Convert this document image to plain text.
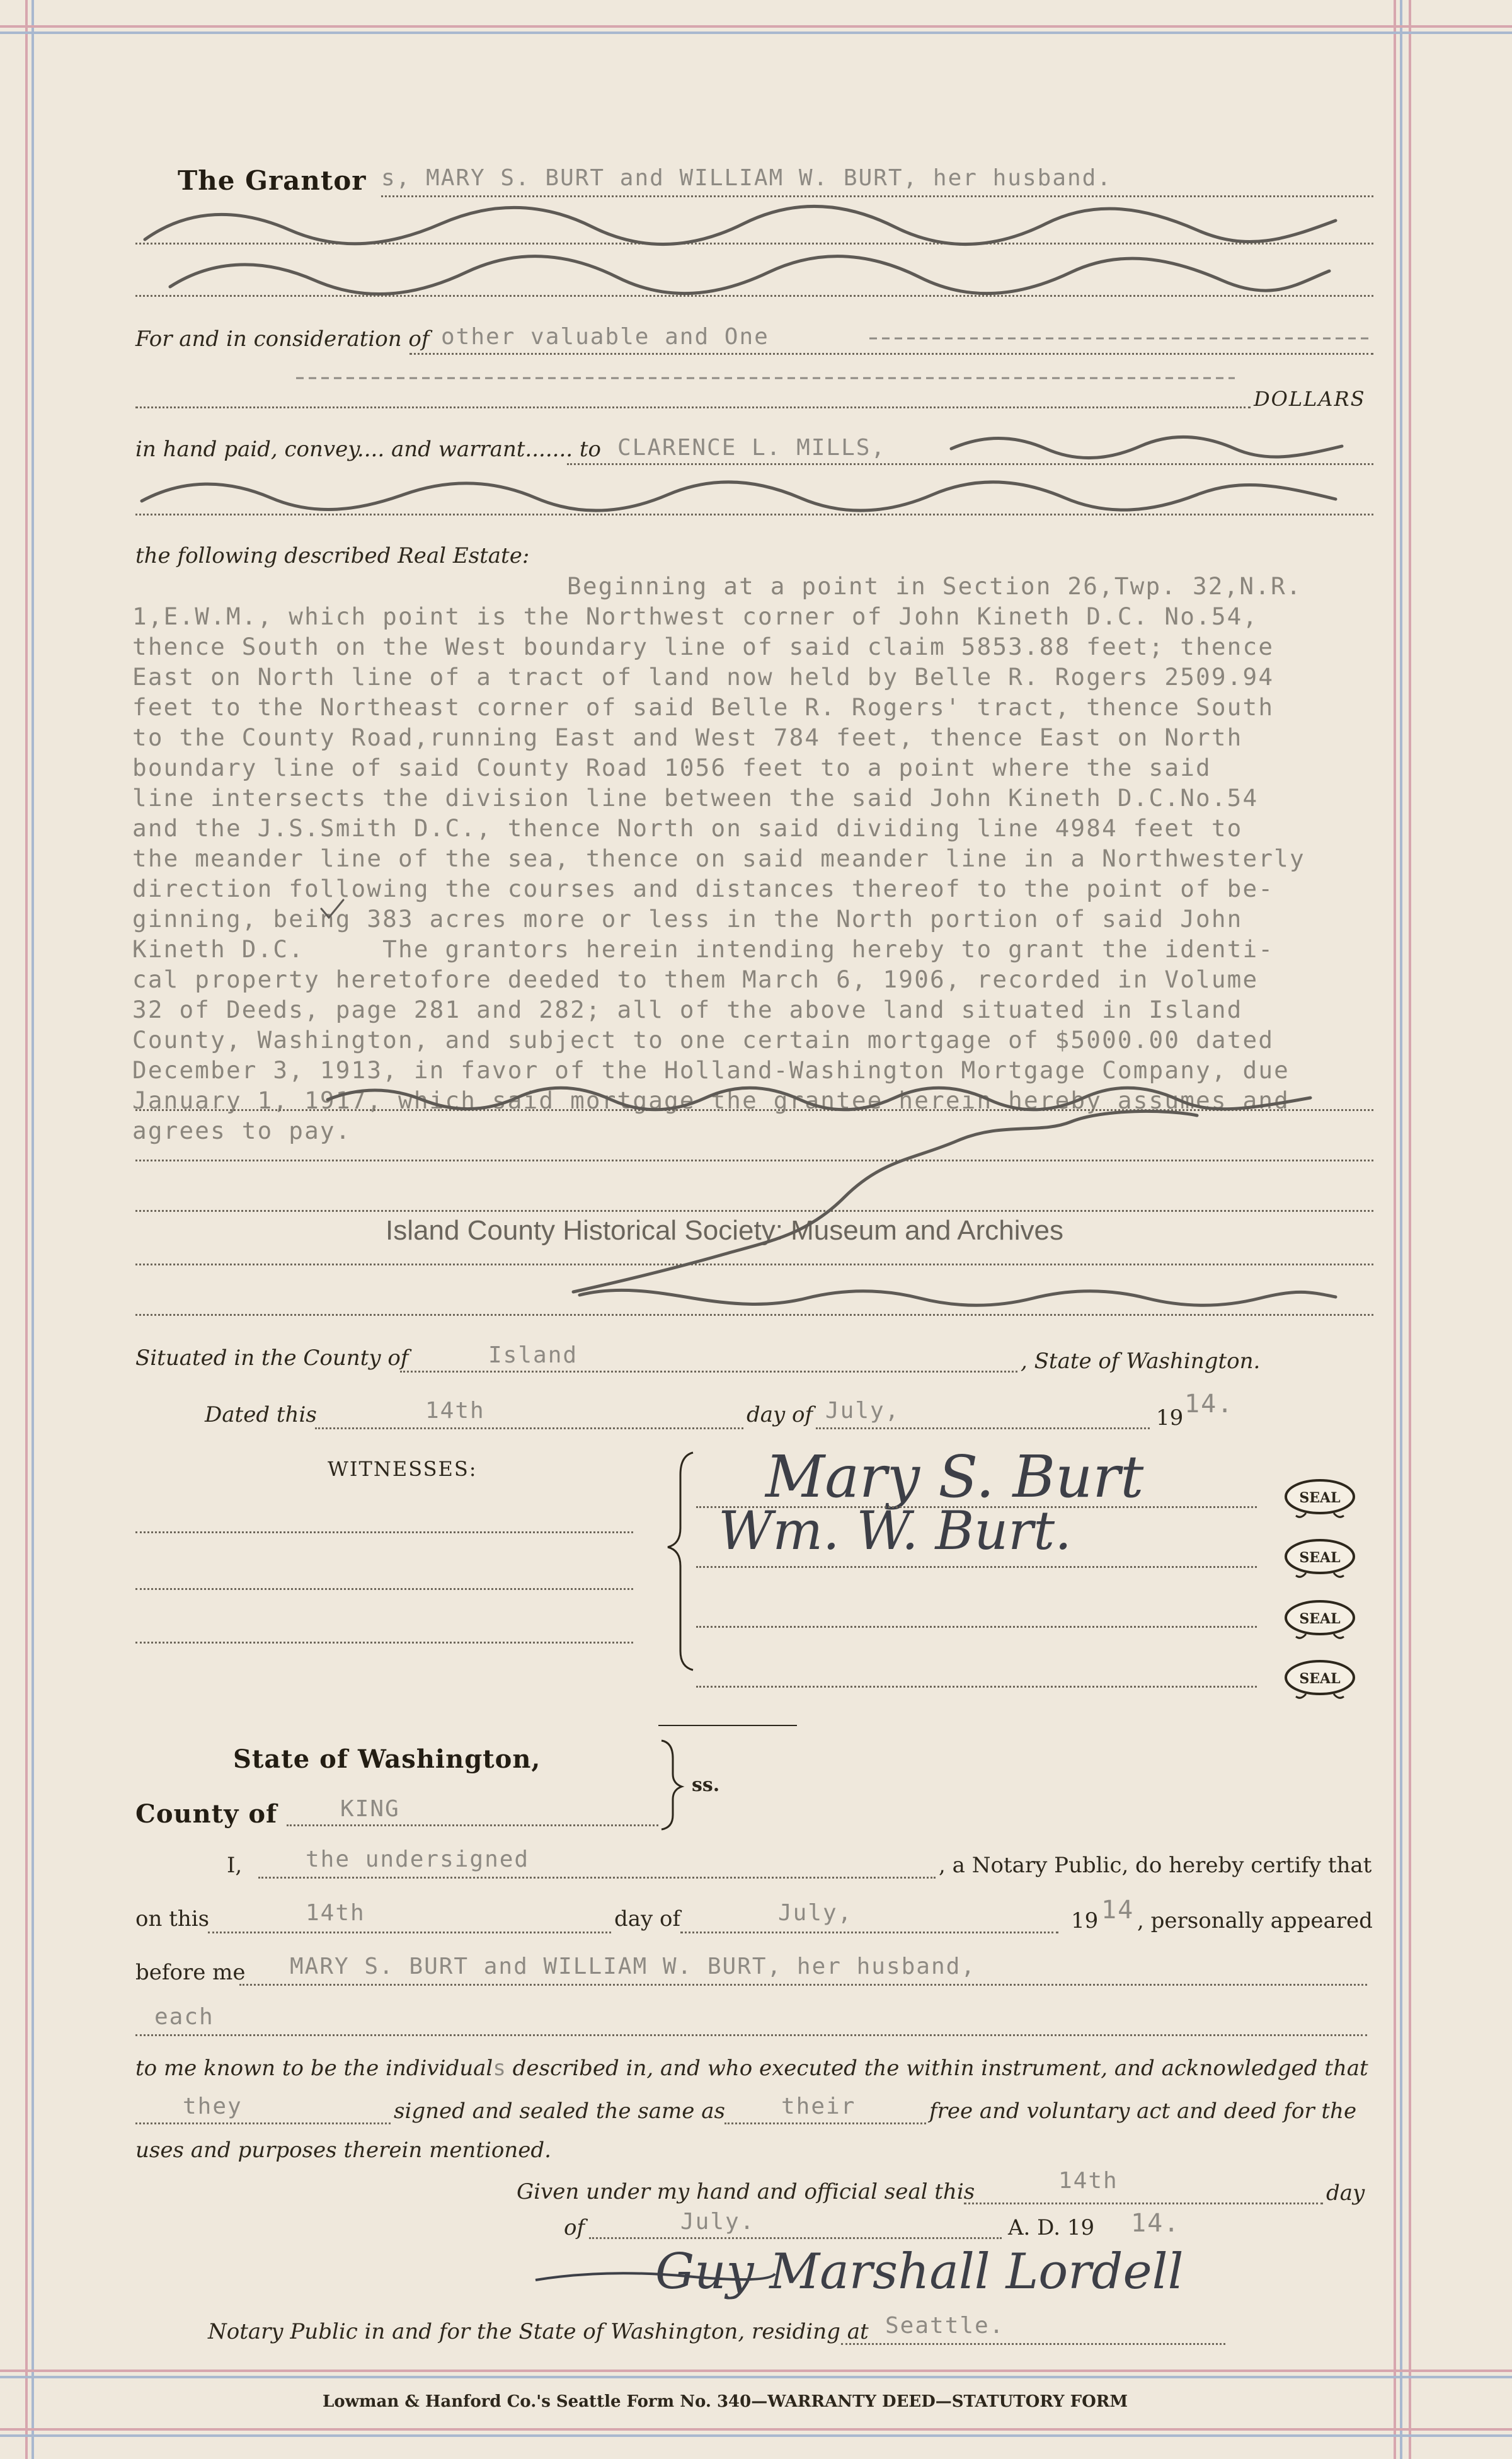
The Grantor s, MARY S. BURT and WILLIAM W. BURT, her husband.
For and in consideration of other valuable and One
DOLLARS
in hand paid, convey.... and warrant....... to CLARENCE L. MILLS,
the following described Real Estate:

Beginning at a point in Section 26,Twp. 32,N.R.
1,E.W.M., which point is the Northwest corner of John Kineth D.C. No.54,
thence South on the West boundary line of said claim 5853.88 feet; thence
East on North line of a tract of land now held by Belle R. Rogers 2509.94
feet to the Northeast corner of said Belle R. Rogers' tract, thence South
to the County Road,running East and West 784 feet, thence East on North
boundary line of said County Road 1056 feet to a point where the said
line intersects the division line between the said John Kineth D.C.No.54
and the J.S.Smith D.C., thence North on said dividing line 4984 feet to
the meander line of the sea, thence on said meander line in a Northwesterly
direction following the courses and distances thereof to the point of be-
ginning, being 383 acres more or less in the North portion of said John
Kineth D.C.     The grantors herein intending hereby to grant the identi-
cal property heretofore deeded to them March 6, 1906, recorded in Volume
32 of Deeds, page 281 and 282; all of the above land situated in Island
County, Washington, and subject to one certain mortgage of $5000.00 dated
December 3, 1913, in favor of the Holland-Washington Mortgage Company, due
January 1, 1917, which said mortgage the grantee herein hereby assumes and
agrees to pay.

Island County Historical Society: Museum and Archives
Situated in the County of	Island	, State of Washington.
Dated this	14th	day of July,	19 14.
WITNESSES:	Mary S. Burt
Wm. W. Burt.
SEAL
SEAL
SEAL
SEAL
State of Washington,
County of	KING
ss.
I,	the undersigned	, a Notary Public, do hereby certify that
on this	14th	day of	July,	19 14 , personally appeared
before me MARY S. BURT and WILLIAM W. BURT, her husband,
each
to me known to be the individuals described in, and who executed the within instrument, and acknowledged that
they	signed and sealed the same as their	free and voluntary act and deed for the
uses and purposes therein mentioned.
Given under my hand and official seal this	14th	day
of	July.	A. D. 19 14.
Guy Marshall Lordell
Notary Public in and for the State of Washington, residing at Seattle.
Lowman & Hanford Co.'s Seattle Form No. 340—WARRANTY DEED—STATUTORY FORM
